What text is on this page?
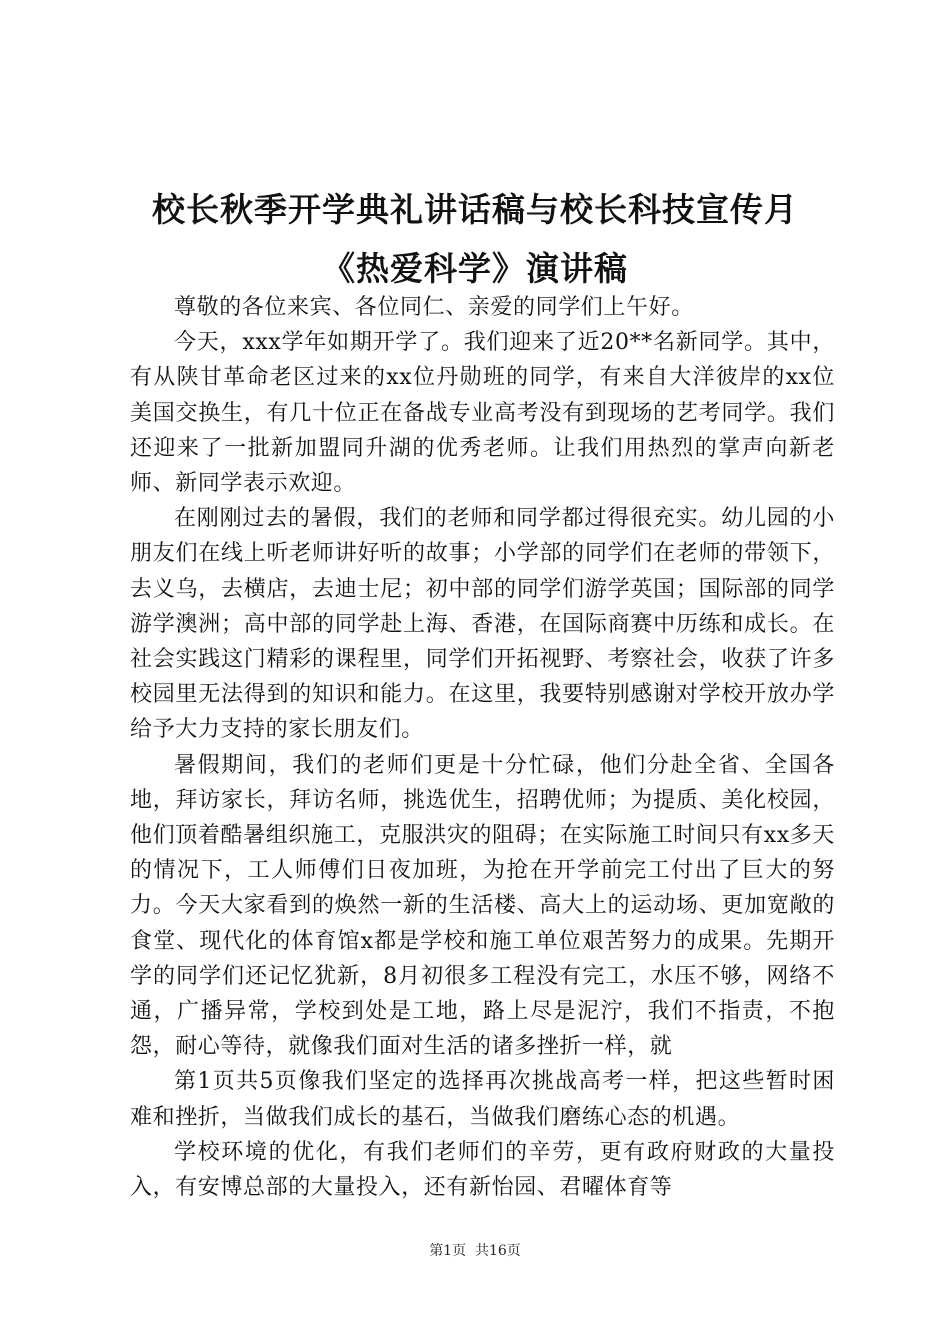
校长秋季开学典礼讲话稿与校长科技宣传月
《热爱科学》演讲稿

尊敬的各位来宾、各位同仁、亲爱的同学们上午好。

今天，xxx学年如期开学了。我们迎来了近20**名新同学。其中，有从陕甘革命老区过来的xx位丹勋班的同学，有来自大洋彼岸的xx位美国交换生，有几十位正在备战专业高考没有到现场的艺考同学。我们还迎来了一批新加盟同升湖的优秀老师。让我们用热烈的掌声向新老师、新同学表示欢迎。

在刚刚过去的暑假，我们的老师和同学都过得很充实。幼儿园的小朋友们在线上听老师讲好听的故事；小学部的同学们在老师的带领下，去义乌，去横店，去迪士尼；初中部的同学们游学英国；国际部的同学游学澳洲；高中部的同学赴上海、香港，在国际商赛中历练和成长。在社会实践这门精彩的课程里，同学们开拓视野、考察社会，收获了许多校园里无法得到的知识和能力。在这里，我要特别感谢对学校开放办学给予大力支持的家长朋友们。

暑假期间，我们的老师们更是十分忙碌，他们分赴全省、全国各地，拜访家长，拜访名师，挑选优生，招聘优师；为提质、美化校园，他们顶着酷暑组织施工，克服洪灾的阻碍；在实际施工时间只有xx多天的情况下，工人师傅们日夜加班，为抢在开学前完工付出了巨大的努力。今天大家看到的焕然一新的生活楼、高大上的运动场、更加宽敞的食堂、现代化的体育馆x都是学校和施工单位艰苦努力的成果。先期开学的同学们还记忆犹新，8月初很多工程没有完工，水压不够，网络不通，广播异常，学校到处是工地，路上尽是泥泞，我们不指责，不抱怨，耐心等待，就像我们面对生活的诸多挫折一样，就

第1页共5页像我们坚定的选择再次挑战高考一样，把这些暂时困难和挫折，当做我们成长的基石，当做我们磨练心态的机遇。

学校环境的优化，有我们老师们的辛劳，更有政府财政的大量投入，有安博总部的大量投入，还有新怡园、君曜体育等

第1页  共16页
